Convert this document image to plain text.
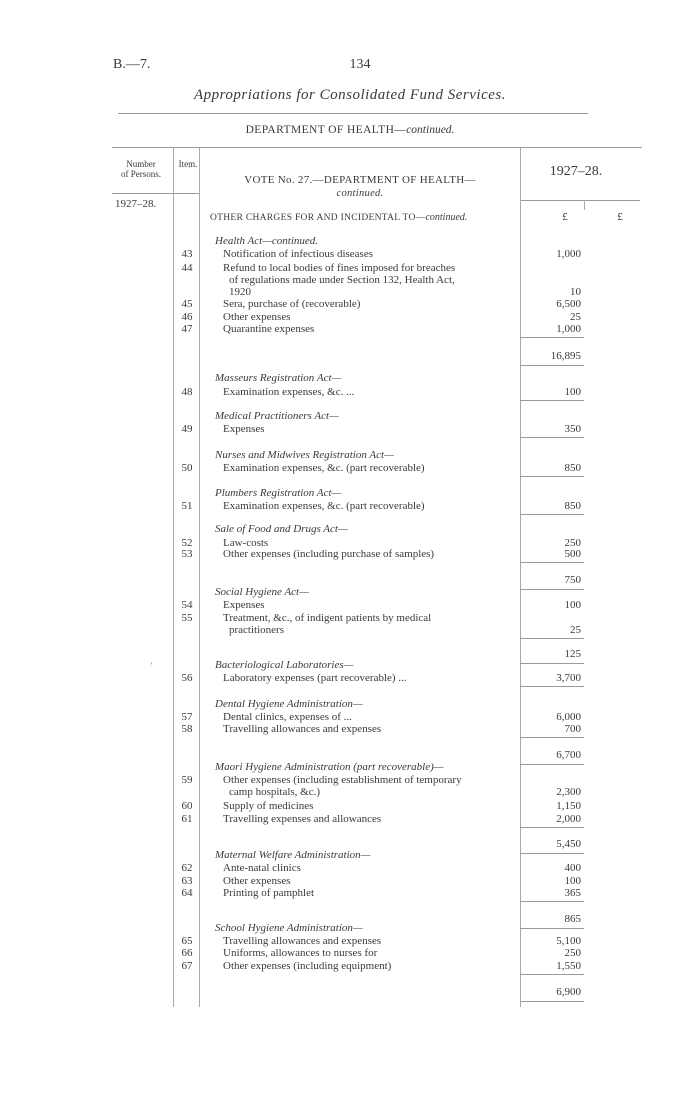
B.—7.	134
Appropriations for Consolidated Fund Services.
DEPARTMENT OF HEALTH—continued.
Number
of Persons.
Item.
VOTE No. 27.—DEPARTMENT OF HEALTH—
continued.
1927–28.
1927–28.
OTHER CHARGES FOR AND INCIDENTAL TO—continued.	£	£
‘
Health Act—continued.
43	Notification of infectious diseases	1,000
44	Refund to local bodies of fines imposed for breaches
of regulations made under Section 132, Health Act,
1920	10
45	Sera, purchase of (recoverable)	6,500
46	Other expenses	25
47	Quarantine expenses	1,000
16,895
Masseurs Registration Act—
48	Examination expenses, &c. ...	100
Medical Practitioners Act—
49	Expenses	350
Nurses and Midwives Registration Act—
50	Examination expenses, &c. (part recoverable)	850
Plumbers Registration Act—
51	Examination expenses, &c. (part recoverable)	850
Sale of Food and Drugs Act—
52	Law-costs	250
53	Other expenses (including purchase of samples)	500
750
Social Hygiene Act—
54	Expenses	100
55	Treatment, &c., of indigent patients by medical
practitioners	25
125
Bacteriological Laboratories—
56	Laboratory expenses (part recoverable) ...	3,700
Dental Hygiene Administration—
57	Dental clinics, expenses of ...	6,000
58	Travelling allowances and expenses	700
6,700
Maori Hygiene Administration (part recoverable)—
59	Other expenses (including establishment of temporary
camp hospitals, &c.)	2,300
60	Supply of medicines	1,150
61	Travelling expenses and allowances	2,000
5,450
Maternal Welfare Administration—
62	Ante-natal clinics	400
63	Other expenses	100
64	Printing of pamphlet	365
865
School Hygiene Administration—
65	Travelling allowances and expenses	5,100
66	Uniforms, allowances to nurses for	250
67	Other expenses (including equipment)	1,550
6,900
